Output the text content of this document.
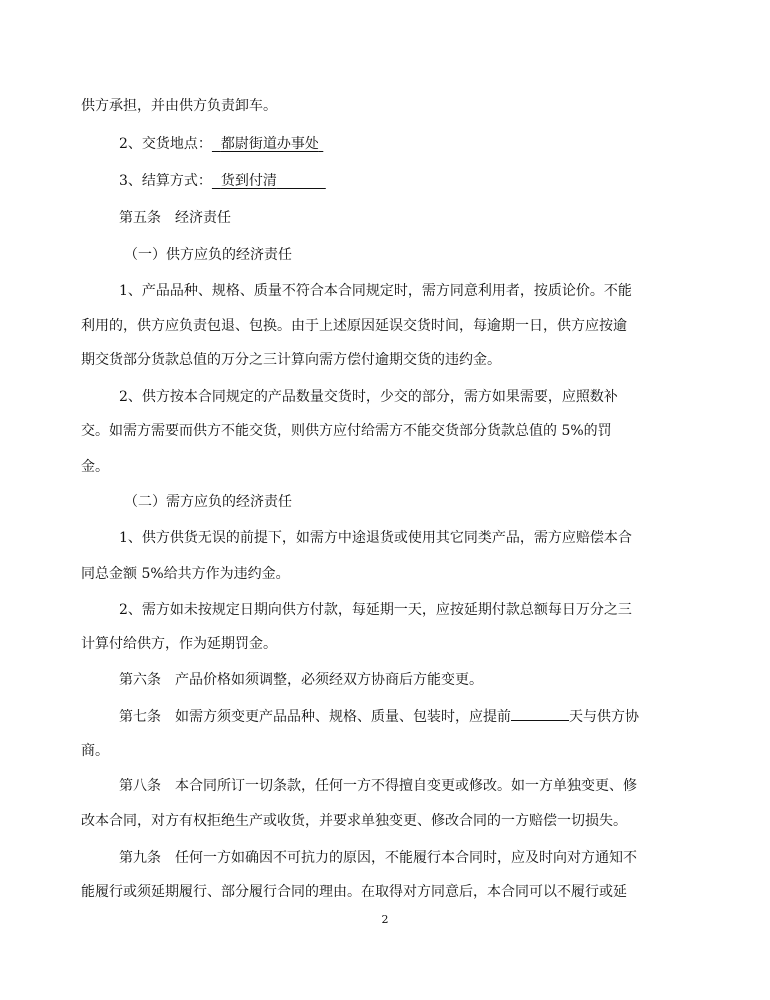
供方承担，并由供方负责卸车。

2、交货地点： 都尉街道办事处

3、结算方式： 货到付清

第五条　经济责任

（一）供方应负的经济责任

1、产品品种、规格、质量不符合本合同规定时，需方同意利用者，按质论价。不能

利用的，供方应负责包退、包换。由于上述原因延误交货时间，每逾期一日，供方应按逾

期交货部分货款总值的万分之三计算向需方偿付逾期交货的违约金。

2、供方按本合同规定的产品数量交货时，少交的部分，需方如果需要，应照数补

交。如需方需要而供方不能交货，则供方应付给需方不能交货部分货款总值的 5%的罚

金。

（二）需方应负的经济责任

1、供方供货无误的前提下，如需方中途退货或使用其它同类产品，需方应赔偿本合

同总金额 5%给共方作为违约金。

2、需方如未按规定日期向供方付款，每延期一天，应按延期付款总额每日万分之三

计算付给供方，作为延期罚金。

第六条　产品价格如须调整，必须经双方协商后方能变更。

第七条　如需方须变更产品品种、规格、质量、包装时，应提前	天与供方协

商。

第八条　本合同所订一切条款，任何一方不得擅自变更或修改。如一方单独变更、修

改本合同，对方有权拒绝生产或收货，并要求单独变更、修改合同的一方赔偿一切损失。

第九条　任何一方如确因不可抗力的原因，不能履行本合同时，应及时向对方通知不

能履行或须延期履行、部分履行合同的理由。在取得对方同意后，本合同可以不履行或延

2
